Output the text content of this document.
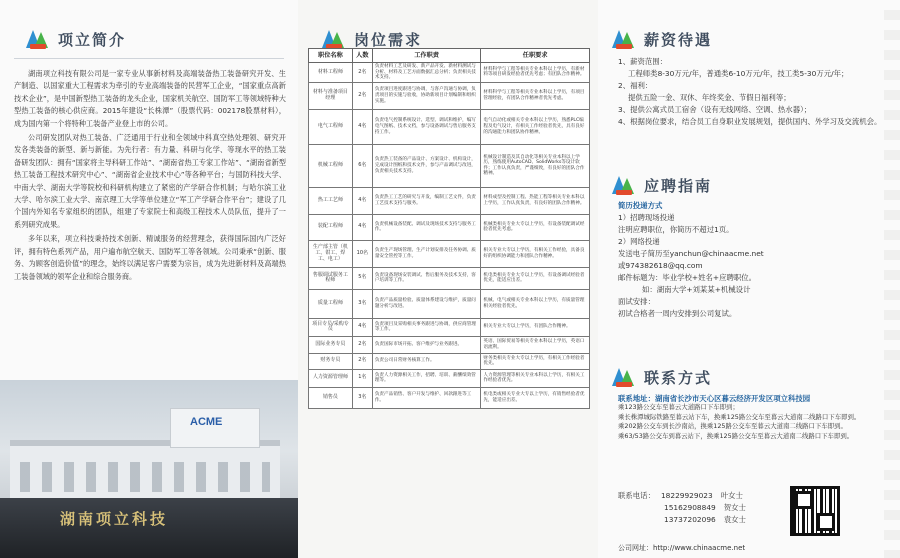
项立简介

湖南项立科技有限公司是一家专业从事新材料及高端装备热工装备研究开发、生产制造、以国家重大工程需求为牵引的专业高端装备的民营军工企业，“国家重点高新技术企业”，是中国新型热工装备的龙头企业，国家机关航空、国防军工等领域特种大型热工装备的核心供应商。2015年建设“长株潭”（股票代码：002178股票材料），成为国内第一个将特种工装备产业登上市的公司。

公司研发团队对热工装备、广泛通用于行业和全领域中科真空热处理领、研究开发各类装备的新型、新与新能。为先行者：有力量、科研与化学、等现水平的热工装备研发团队：拥有“国家将主导科研工作站”、“湖南省热工专家工作站”、“湖南省新型热工装备工程技术研究中心”、“湖南省企业技术中心”等各种平台；与国防科技大学、中南大学、湖南大学等院校和科研机构建立了紧密的产学研合作机制；与哈尔滨工业大学、哈尔滨工业大学、南京理工大学等单位建立“军工产学研合作平台”；建设了几个国内外知名专家组织的团队，组建了专家院士和高级工程技术人员队伍，提升了一系列研究成果。

多年以来，项立科技秉持技术创新、精诚服务的经营理念，获得国际国内广泛好评，拥有特色系列产品，用户遍布航空航天、国防军工等各领域。公司秉承“创新、服务、为顾客创造价值”的理念，始终以满足客户需要为宗旨，成为先进新材料及高端热工装备领域的领军企业和综合服务商。

ACME
湖南项立科技
岗位需求
职位名称	人数	工作职责	任职要求
材料工程师	2名	负责材料工艺及研发、新产品开发、新材料测试与分析、材料及工艺方面数据汇总分析；负责相关技术支持。	材料科学与工程等相关专业本科以上学历，有新材料等项目研发经验者优先考虑；有团队合作精神。
材料与准备项目经理	2名	负责项目进度跟进与协调，与客户沟通与协调，负责项目的实施与验收，协助新项目计划编制和组织实施。	材料科学与工程等相关专业本科以上学历，有项目管理经验，有团队合作精神者优先考虑。
电气工程师	4名	负责电气控制系统设计、选型、调试和维护，编写电气图纸、技术文档，参与设备调试与售后服务支持工作。	电气自动化或相关专业本科以上学历，熟悉PLC编程及电气设计，有相关工作经验者优先，具有良好的沟通能力和团队协作精神。
机械工程师	6名	负责热工装备的产品设计、方案设计、机构设计，完成设计图纸和技术文件，参与产品调试与改进，负责相关技术支持。	机械设计制造及其自动化等相关专业本科以上学历，熟练使用AutoCAD、SolidWorks等设计软件；工作认真负责，严谨细致，有良好的团队合作精神。
热工工艺师	4名	负责热工工艺的研究与开发，编制工艺文件，负责工艺技术支持与服务。	材料成型及控制工程、热能工程等相关专业本科以上学历，工作认真负责，有良好的团队合作精神。
装配工程师	4名	负责机械设备装配、调试及现场技术支持与服务工作。	机械类相关专业大专以上学历，有设备装配调试经验者优先考虑。
生产部主管（机工、钳工、焊工、电工）	10名	负责生产现场管理、生产计划安排及任务协调、质量安全管控等工作。	相关专业大专以上学历，有相关工作经验，具备良好的组织协调能力和团队合作精神。
售服调试服务工程师	5名	负责设备现场安装调试、售后服务及技术支持，客户培训等工作。	机电类相关专业大专以上学历，有设备调试经验者优先，能适应出差。
质量工程师	3名	负责产品质量检验、质量体系建设与维护，质量问题分析与改进。	机械、电气或相关专业本科以上学历，有质量管理相关经验者优先。
项目专员/采购专员	4名	负责项目及采购相关事务跟进与协调，供应商管理等工作。	相关专业大专以上学历，有团队合作精神。
国际业务专员	2名	负责国际市场开拓、客户维护与业务跟进。	英语、国际贸易等相关专业本科以上学历，英语口语流利。
财务专员	2名	负责公司日常财务核算工作。	财务类相关专业大专以上学历，有相关工作经验者优先。
人力资源管理师	1名	负责人力资源相关工作，招聘、培训、薪酬绩效管理等。	人力资源管理等相关专业本科以上学历，有相关工作经验者优先。
销售员	3名	负责产品销售、客户开发与维护、回款跟进等工作。	机电类或相关专业大专以上学历，有销售经验者优先，能适应出差。
薪资待遇
1、薪资范围：
工程师类8-30万元/年，普通类6-10万元/年，技工类5-30万元/年；
2、福利：
提供五险一金、双休、年终奖金、节假日福利等；
3、提供公寓式员工宿舍（设有无线网络、空调、热水器）；
4、根据岗位要求，结合员工自身职业发展规划，提供国内、外学习及交流机会。
应聘指南
简历投递方式
1）招聘现场投递
注明应聘职位，你简历不超过1页。
2）网络投递
发送电子简历至yanchun@chinaacme.net
或974382618@qq.com
邮件标题为：毕业学校+姓名+应聘职位。
如：湖南大学+刘某某+机械设计
面试安排：
初试合格者一周内安排到公司复试。
联系方式
联系地址：湖南省长沙市天心区暮云经济开发区项立科技园
乘123路公交车至暮云大道路口下车即到；
乘长株潭城际铁路至暮云站下车，换乘125路公交车至暮云大道南二线路口下车即到。
乘202路公交车到长沙南站，换乘125路公交车至暮云大道南二线路口下车即到。
乘63/53路公交车到暮云站下，换乘125路公交车至暮云大道南二线路口下车即到。
联系电话： 18229929023 叶女士
15162908849 贺女士
13737202096 袁女士
公司网址：http://www.chinaacme.net
